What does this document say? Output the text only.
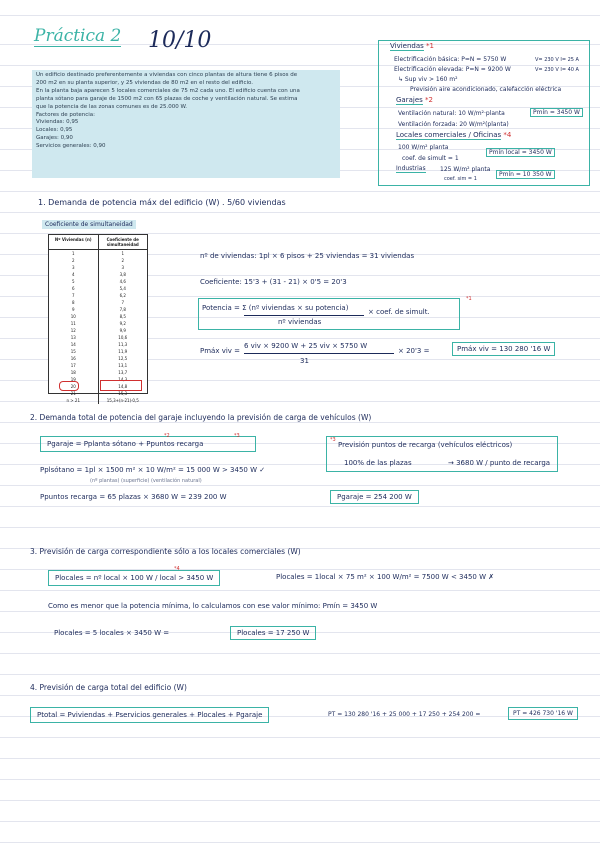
Práctica 2 10/10
Un edificio destinado preferentemente a viviendas con cinco plantas de altura tiene 6 pisos de
200 m2 en su planta superior, y 25 viviendas de 80 m2 en el resto del edificio.
En la planta baja aparecen 5 locales comerciales de 75 m2 cada uno. El edificio cuenta con una
planta sótano para garaje de 1500 m2 con 65 plazas de coche y ventilación natural. Se estima
que la potencia de las zonas comunes es de 25.000 W.
Factores de potencia:
Viviendas: 0,95
Locales: 0,95
Garajes: 0,90
Servicios generales: 0,90
Viviendas *1
Electrificación básica: P=N = 5750 W	V= 230 V I= 25 A
Electrificación elevada: P=N = 9200 W	V= 230 V I= 40 A
↳ Sup viv > 160 m²
Previsión aire acondicionado, calefacción eléctrica
Garajes *2
Ventilación natural: 10 W/m²·planta	Pmín = 3450 W
Ventilación forzada: 20 W/m²(planta)
Locales comerciales / Oficinas *4
100 W/m² planta
coef. de simult = 1
Pmín local = 3450 W
Industrias 125 W/m² planta
coef. sim = 1
Pmín = 10 350 W
1. Demanda de potencia máx del edificio (W) . 5/60 viviendas
Coeficiente de simultaneidad
Nº Viviendas (n)	Coeficiente de simultaneidad
1	1
2	2
3	3
4	3,8
5	4,6
6	5,4
7	6,2
8	7
9	7,8
10	8,5
11	9,2
12	9,9
13	10,6
14	11,3
15	11,9
16	12,5
17	13,1
18	13,7
19	14,3
20	14,8
21	15,3
n > 21	15,3+(n-21)·0,5
nº de viviendas: 1pl × 6 pisos + 25 viviendas = 31 viviendas
Coeficiente: 15'3 + (31 - 21) × 0'5 = 20'3
Potencia = Σ (nº viviendas × su potencia)
nº viviendas
× coef. de simult.
*1
Pmáx viv =
6 viv × 9200 W + 25 viv × 5750 W
31
× 20'3 =	Pmáx viv = 130 280 '16 W
2. Demanda total de potencia del garaje incluyendo la previsión de carga de vehículos (W)
Pgaraje = Pplanta sótano + Ppuntos recarga
*2	*3
*3
Previsión puntos de recarga (vehículos eléctricos)
100% de las plazas	→ 3680 W / punto de recarga
Pplsótano = 1pl × 1500 m² × 10 W/m² = 15 000 W > 3450 W ✓
(nº plantas) (superficie) (ventilación natural)
Ppuntos recarga = 65 plazas × 3680 W = 239 200 W	Pgaraje = 254 200 W
3. Previsión de carga correspondiente sólo a los locales comerciales (W)
Plocales = nº local × 100 W / local > 3450 W
*4
Plocales = 1local × 75 m² × 100 W/m² = 7500 W < 3450 W ✗
Como es menor que la potencia mínima, lo calculamos con ese valor mínimo: Pmín = 3450 W
Plocales = 5 locales × 3450 W =	Plocales = 17 250 W
4. Previsión de carga total del edificio (W)
Ptotal = Pviviendas + Pservicios generales + Plocales + Pgaraje	PT = 130 280 '16 + 25 000 + 17 250 + 254 200 =	PT = 426 730 '16 W
